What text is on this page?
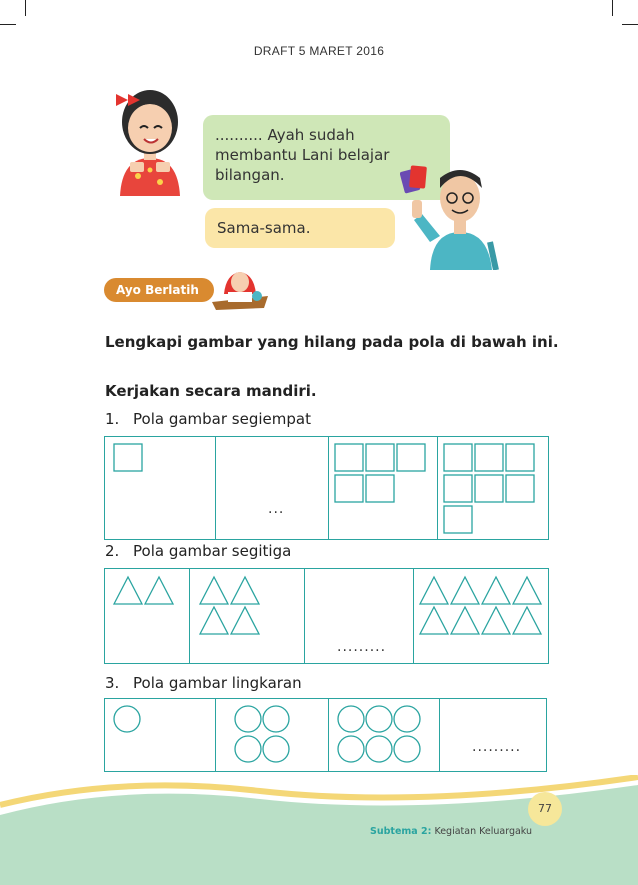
DRAFT 5 MARET 2016
.......... Ayah sudah membantu Lani belajar bilangan.
Sama-sama.
Ayo Berlatih
Lengkapi gambar yang hilang pada pola di bawah ini.
Kerjakan secara mandiri.
1. Pola gambar segiempat
...
2. Pola gambar segitiga
.........
3. Pola gambar lingkaran
.........
Subtema 2: Kegiatan Keluargaku
77
